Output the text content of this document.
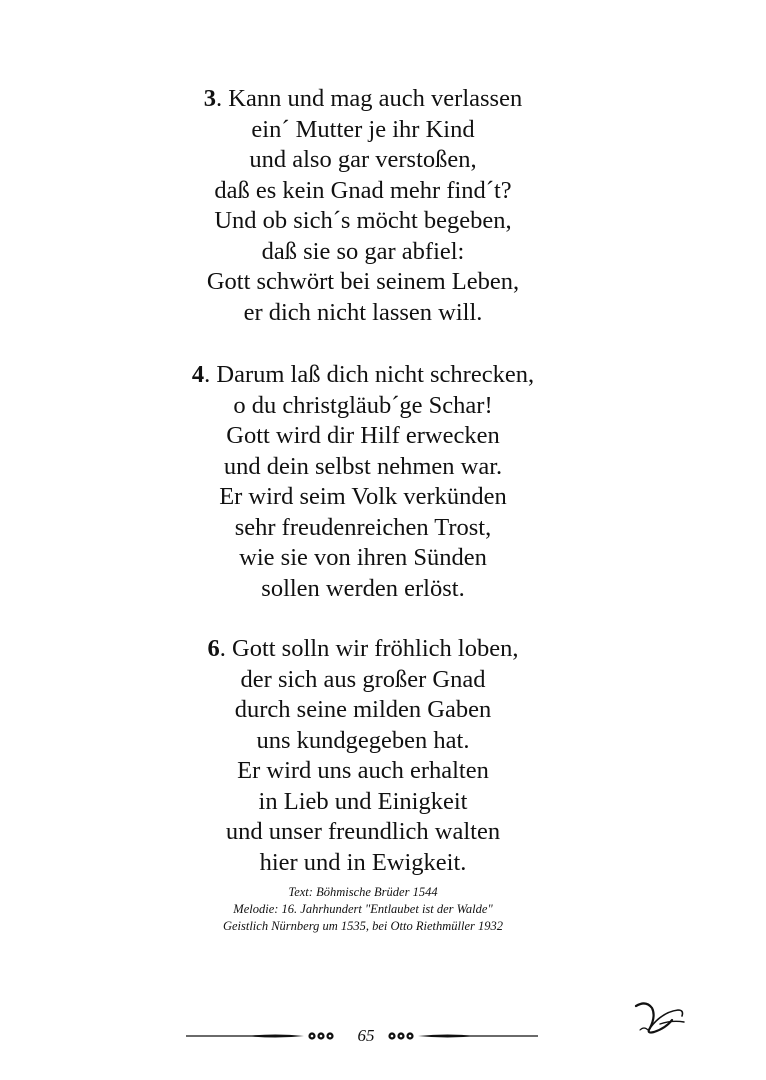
3. Kann und mag auch verlassen
ein´ Mutter je ihr Kind
und also gar verstoßen,
daß es kein Gnad mehr find´t?
Und ob sich´s möcht begeben,
daß sie so gar abfiel:
Gott schwört bei seinem Leben,
er dich nicht lassen will.
4. Darum laß dich nicht schrecken,
o du christgläub´ge Schar!
Gott wird dir Hilf erwecken
und dein selbst nehmen war.
Er wird seim Volk verkünden
sehr freudenreichen Trost,
wie sie von ihren Sünden
sollen werden erlöst.
6. Gott solln wir fröhlich loben,
der sich aus großer Gnad
durch seine milden Gaben
uns kundgegeben hat.
Er wird uns auch erhalten
in Lieb und Einigkeit
und unser freundlich walten
hier und in Ewigkeit.
Text: Böhmische Brüder 1544
Melodie: 16. Jahrhundert "Entlaubet ist der Walde"
Geistlich Nürnberg um 1535, bei Otto Riethmüller 1932
65
